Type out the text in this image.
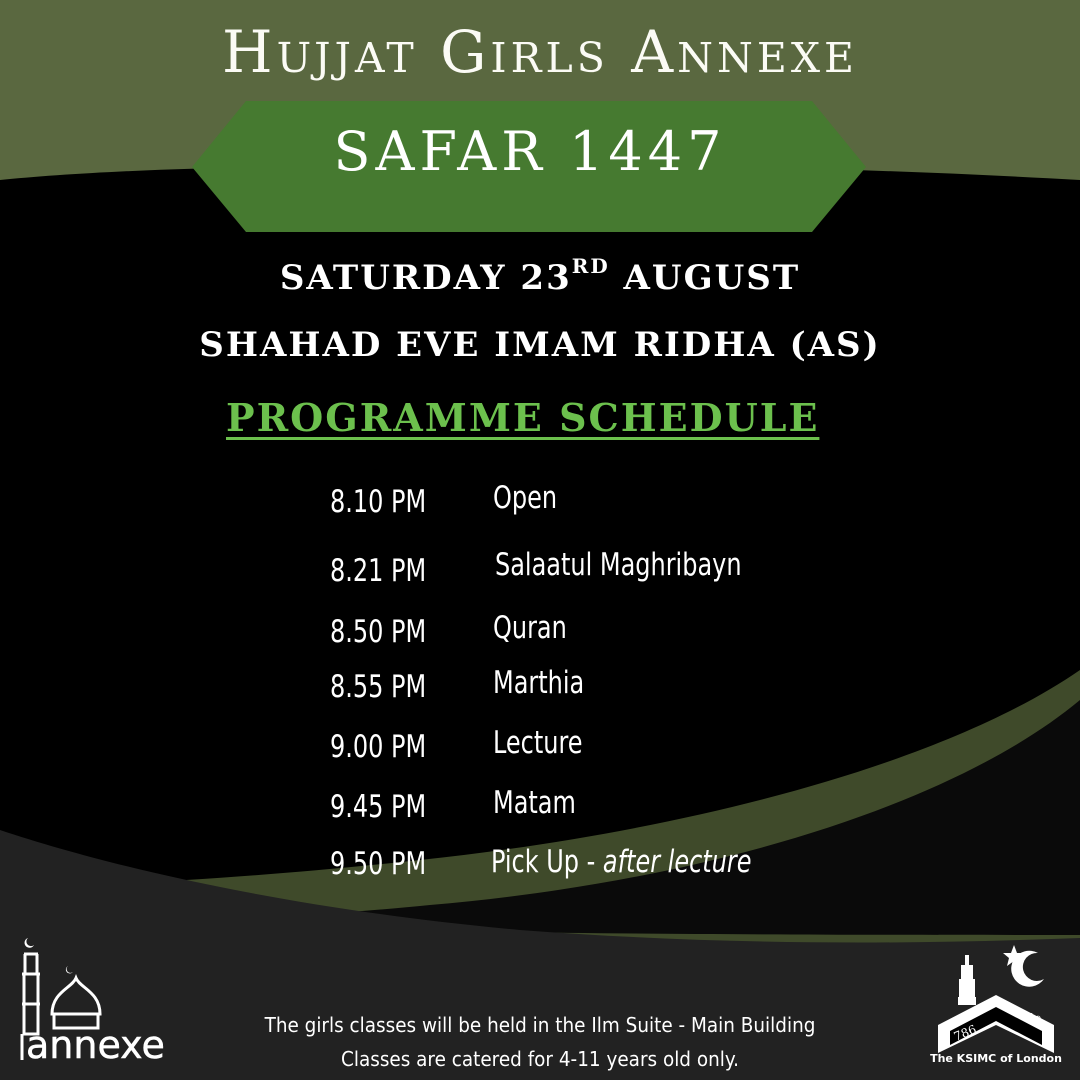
Hujjat Girls Annexe
SAFAR 1447
SATURDAY 23RD AUGUST
SHAHAD EVE IMAM RIDHA (AS)
PROGRAMME SCHEDULE
8.10 PM Open
8.21 PM Salaatul Maghribayn
8.50 PM Quran
8.55 PM Marthia
9.00 PM Lecture
9.45 PM Matam
9.50 PM Pick Up - after lecture
annexe	786
110
The KSIMC of London
The girls classes will be held in the Ilm Suite - Main Building
Classes are catered for 4-11 years old only.
